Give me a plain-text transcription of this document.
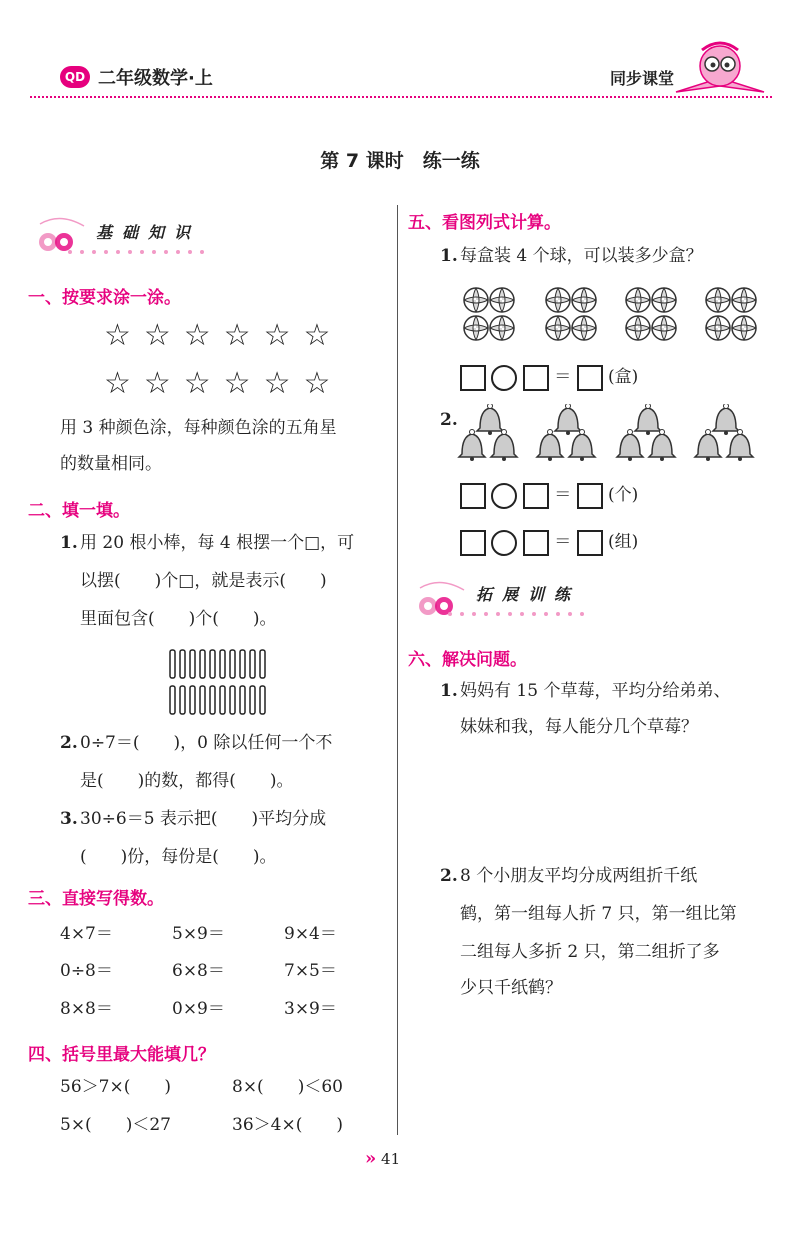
QD 二年级数学·上	同步课堂
第 7 课时　练一练
基础知识
一、按要求涂一涂。
☆☆☆☆☆☆
☆☆☆☆☆☆
用 3 种颜色涂，每种颜色涂的五角星
的数量相同。
二、填一填。
1. 用 20 根小棒，每 4 根摆一个□，可
以摆(　　)个□，就是表示(　　)
里面包含(　　)个(　　)。
2. 0÷7＝(　　)，0 除以任何一个不
是(　　)的数，都得(　　)。
3. 30÷6＝5 表示把(　　)平均分成
(　　)份，每份是(　　)。
三、直接写得数。
4×7＝	5×9＝	9×4＝
0÷8＝	6×8＝	7×5＝
8×8＝	0×9＝	3×9＝
四、括号里最大能填几？
56＞7×(　　)	8×(　　)＜60
5×(　　)＜27	36＞4×(　　)
五、看图列式计算。
1. 每盒装 4 个球，可以装多少盒？
＝ (盒)
2.
＝ (个)
＝ (组)
拓展训练
六、解决问题。
1. 妈妈有 15 个草莓，平均分给弟弟、
妹妹和我，每人能分几个草莓？
2. 8 个小朋友平均分成两组折千纸
鹤，第一组每人折 7 只，第一组比第
二组每人多折 2 只，第二组折了多
少只千纸鹤？
» 41
